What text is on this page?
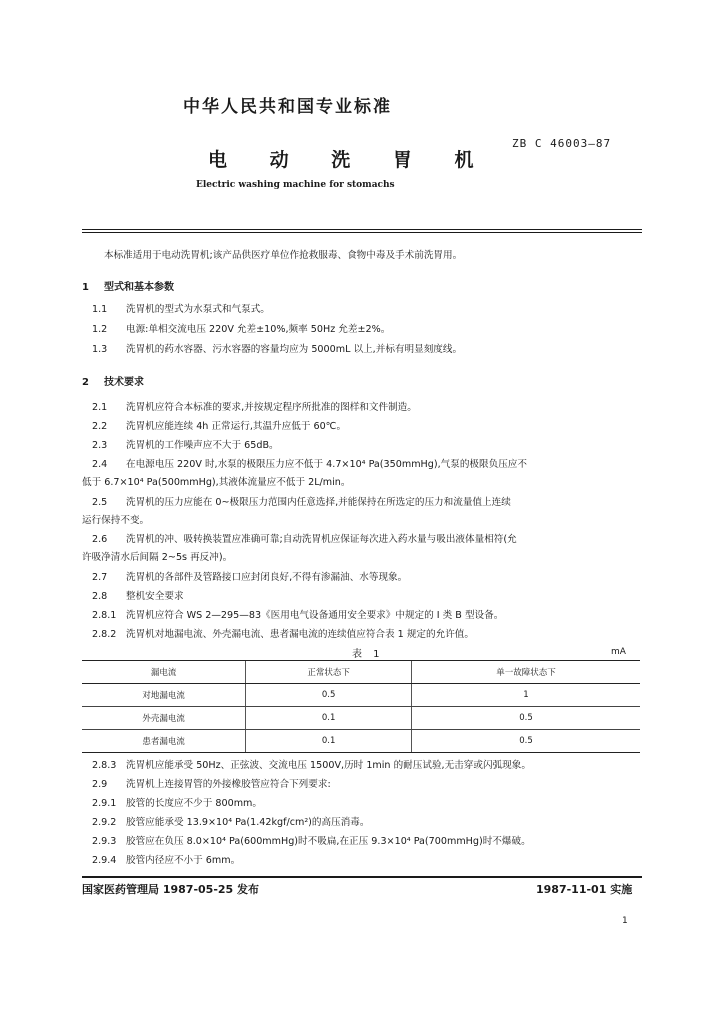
中华人民共和国专业标准
电 动 洗 胃 机
ZB C 46003—87
Electric washing machine for stomachs
本标准适用于电动洗胃机;该产品供医疗单位作抢救服毒、食物中毒及手术前洗胃用。
1 型式和基本参数
1.1 洗胃机的型式为水泵式和气泵式。
1.2 电源:单相交流电压 220V 允差±10%,频率 50Hz 允差±2%。
1.3 洗胃机的药水容器、污水容器的容量均应为 5000mL 以上,并标有明显刻度线。
2 技术要求
2.1 洗胃机应符合本标准的要求,并按规定程序所批准的图样和文件制造。
2.2 洗胃机应能连续 4h 正常运行,其温升应低于 60℃。
2.3 洗胃机的工作噪声应不大于 65dB。
2.4 在电源电压 220V 时,水泵的极限压力应不低于 4.7×10⁴ Pa(350mmHg),气泵的极限负压应不
低于 6.7×10⁴ Pa(500mmHg),其液体流量应不低于 2L/min。
2.5 洗胃机的压力应能在 0~极限压力范围内任意选择,并能保持在所选定的压力和流量值上连续
运行保持不变。
2.6 洗胃机的冲、吸转换装置应准确可靠;自动洗胃机应保证每次进入药水量与吸出液体量相符(允
许吸净清水后间隔 2~5s 再反冲)。
2.7 洗胃机的各部件及管路接口应封闭良好,不得有渗漏油、水等现象。
2.8 整机安全要求
2.8.1 洗胃机应符合 WS 2—295—83《医用电气设备通用安全要求》中规定的 I 类 B 型设备。
2.8.2 洗胃机对地漏电流、外壳漏电流、患者漏电流的连续值应符合表 1 规定的允许值。
表 1	mA
漏电流	正常状态下	单一故障状态下
对地漏电流	0.5	1
外壳漏电流	0.1	0.5
患者漏电流	0.1	0.5
2.8.3 洗胃机应能承受 50Hz、正弦波、交流电压 1500V,历时 1min 的耐压试验,无击穿或闪弧现象。
2.9 洗胃机上连接胃管的外接橡胶管应符合下列要求:
2.9.1 胶管的长度应不少于 800mm。
2.9.2 胶管应能承受 13.9×10⁴ Pa(1.42kgf/cm²)的高压消毒。
2.9.3 胶管应在负压 8.0×10⁴ Pa(600mmHg)时不吸扁,在正压 9.3×10⁴ Pa(700mmHg)时不爆破。
2.9.4 胶管内径应不小于 6mm。
国家医药管理局 1987-05-25 发布	1987-11-01 实施
1
